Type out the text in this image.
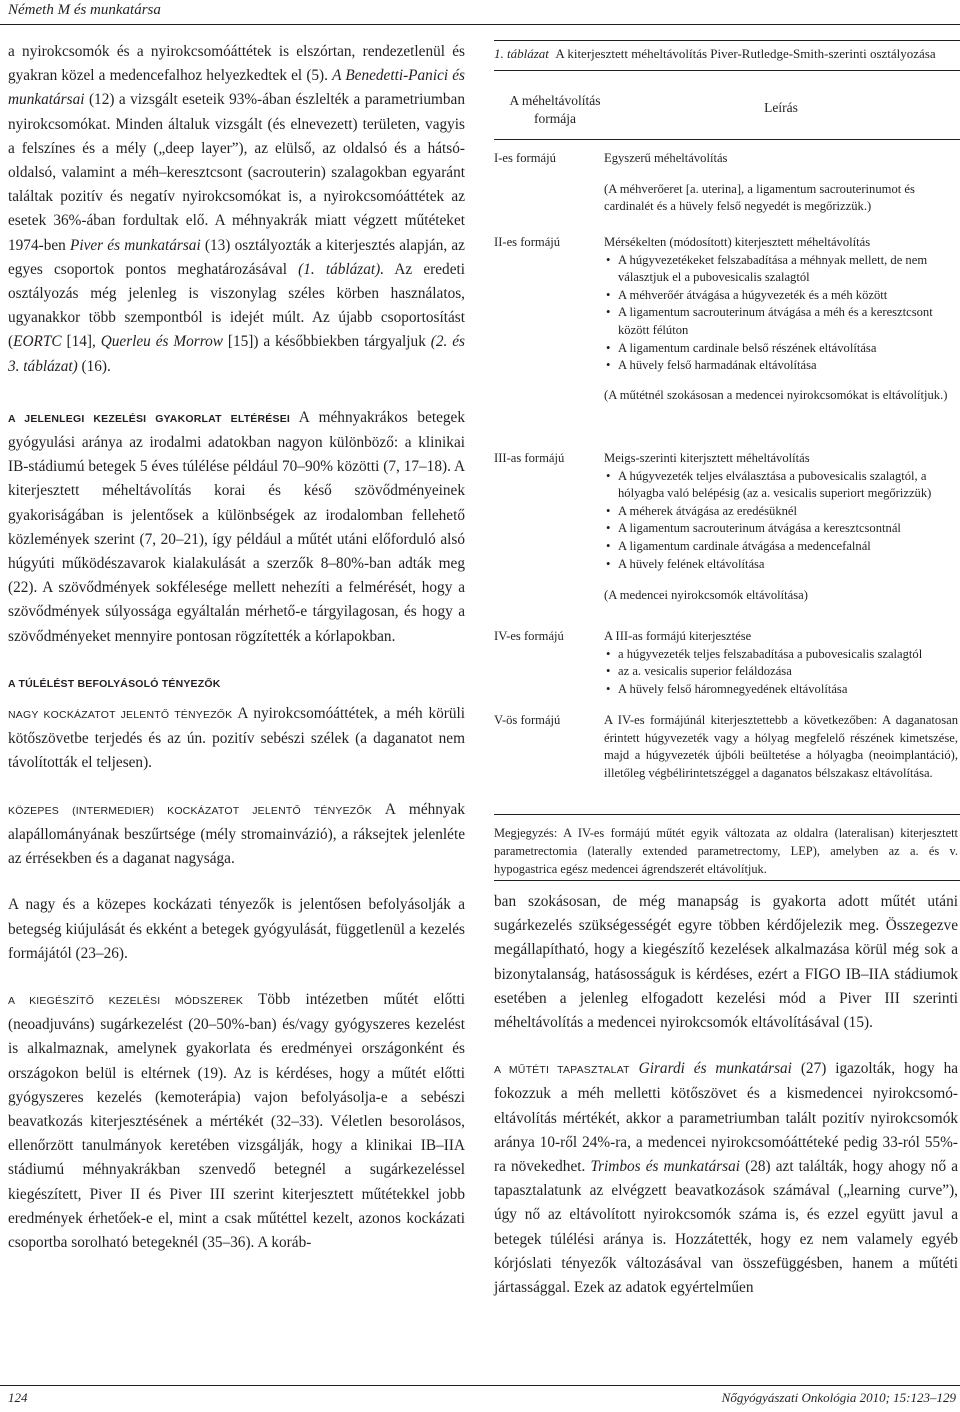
Németh M és munkatársa

a nyirokcsomók és a nyirokcsomóáttétek is elszórtan, rendezetlenül és gyakran közel a medencefalhoz helyezkedtek el (5). A Benedetti-Panici és munkatársai (12) a vizsgált eseteik 93%-ában észlelték a parametriumban nyirokcsomókat. Minden általuk vizsgált (és elnevezett) területen, vagyis a felszínes és a mély („deep layer”), az elülső, az oldalsó és a hátsó-oldalsó, valamint a méh–keresztcsont (sacrouterin) szalagokban egyaránt találtak pozitív és negatív nyirokcsomókat is, a nyirokcsomóáttétek az esetek 36%-ában fordultak elő. A méhnyakrák miatt végzett műtéteket 1974-ben Piver és munkatársai (13) osztályozták a kiterjesztés alapján, az egyes csoportok pontos meghatározásával (1. táblázat). Az eredeti osztályozás még jelenleg is viszonylag széles körben használatos, ugyanakkor több szempontból is idejét múlt. Az újabb csoportosítást (EORTC [14], Querleu és Morrow [15]) a későbbiekben tárgyaljuk (2. és 3. táblázat) (16).

A JELENLEGI KEZELÉSI GYAKORLAT ELTÉRÉSEI A méhnyakrákos betegek gyógyulási aránya az irodalmi adatokban nagyon különböző: a klinikai IB-stádiumú betegek 5 éves túlélése például 70–90% közötti (7, 17–18). A kiterjesztett méheltávolítás korai és késő szövődményeinek gyakoriságában is jelentősek a különbségek az irodalomban fellehető közlemények szerint (7, 20–21), így például a műtét utáni előforduló alsó húgyúti működészavarok kialakulását a szerzők 8–80%-ban adták meg (22). A szövődmények sokfélesége mellett nehezíti a felmérését, hogy a szövődmények súlyossága egyáltalán mérhető-e tárgyilagosan, és hogy a szövődményeket mennyire pontosan rögzítették a kórlapokban.

A TÚLÉLÉST BEFOLYÁSOLÓ TÉNYEZŐK

NAGY KOCKÁZATOT JELENTŐ TÉNYEZŐK A nyirokcsomóáttétek, a méh körüli kötőszövetbe terjedés és az ún. pozitív sebészi szélek (a daganatot nem távolították el teljesen).

KÖZEPES (INTERMEDIER) KOCKÁZATOT JELENTŐ TÉNYEZŐK A méhnyak alapállományának beszűrtsége (mély stromainvázió), a ráksejtek jelenléte az érrésekben és a daganat nagysága.

A nagy és a közepes kockázati tényezők is jelentősen befolyásolják a betegség kiújulását és ekként a betegek gyógyulását, függetlenül a kezelés formájától (23–26).

A KIEGÉSZÍTŐ KEZELÉSI MÓDSZEREK Több intézetben műtét előtti (neoadjuváns) sugárkezelést (20–50%-ban) és/vagy gyógyszeres kezelést is alkalmaznak, amelynek gyakorlata és eredményei országonként és országokon belül is eltérnek (19). Az is kérdéses, hogy a műtét előtti gyógyszeres kezelés (kemoterápia) vajon befolyásolja-e a sebészi beavatkozás kiterjesztésének a mértékét (32–33). Véletlen besorolásos, ellenőrzött tanulmányok keretében vizsgálják, hogy a klinikai IB–IIA stádiumú méhnyakrákban szenvedő betegnél a sugárkezeléssel kiegészített, Piver II és Piver III szerint kiterjesztett műtétekkel jobb eredmények érhetőek-e el, mint a csak műtéttel kezelt, azonos kockázati csoportba sorolható betegeknél (35–36). A koráb-

1. táblázat A kiterjesztett méheltávolítás Piver-Rutledge-Smith-szerinti osztályozása
A méheltávolítás
formája
Leírás
I-es formájú	Egyszerű méheltávolítás
(A méhverőeret [a. uterina], a ligamentum sacrouterinumot és cardinalét és a hüvely felső negyedét is megőrizzük.)
II-es formájú	Mérsékelten (módosított) kiterjesztett méheltávolítás
• A húgyvezetékeket felszabadítása a méhnyak mellett, de nem választjuk el a pubovesicalis szalagtól
• A méhverőér átvágása a húgyvezeték és a méh között
• A ligamentum sacrouterinum átvágása a méh és a keresztcsont között félúton
• A ligamentum cardinale belső részének eltávolítása
• A hüvely felső harmadának eltávolítása
(A műtétnél szokásosan a medencei nyirokcsomókat is eltávolítjuk.)
III-as formájú	Meigs-szerinti kiterjsztett méheltávolítás
• A húgyvezeték teljes elválasztása a pubovesicalis szalagtól, a hólyagba való belépésig (az a. vesicalis superiort megőrizzük)
• A méherek átvágása az eredésüknél
• A ligamentum sacrouterinum átvágása a keresztcsontnál
• A ligamentum cardinale átvágása a medencefalnál
• A hüvely felének eltávolítása
(A medencei nyirokcsomók eltávolítása)
IV-es formájú	A III-as formájú kiterjesztése
• a húgyvezeték teljes felszabadítása a pubovesicalis szalagtól
• az a. vesicalis superior feláldozása
• A hüvely felső háromnegyedének eltávolítása
V-ös formájú	A IV-es formájúnál kiterjesztettebb a következőben: A daganatosan érintett húgyvezeték vagy a hólyag megfelelő részének kimetszése, majd a húgyvezeték újbóli beültetése a hólyagba (neoimplantáció), illetőleg végbélirintetszéggel a daganatos bélszakasz eltávolítása.
Megjegyzés: A IV-es formájú műtét egyik változata az oldalra (lateralisan) kiterjesztett parametrectomia (laterally extended parametrectomy, LEP), amelyben az a. és v. hypogastrica egész medencei ágrendszerét eltávolítjuk.

ban szokásosan, de még manapság is gyakorta adott műtét utáni sugárkezelés szükségességét egyre többen kérdőjelezik meg. Összegezve megállapítható, hogy a kiegészítő kezelések alkalmazása körül még sok a bizonytalanság, hatásosságuk is kérdéses, ezért a FIGO IB–IIA stádiumok esetében a jelenleg elfogadott kezelési mód a Piver III szerinti méheltávolítás a medencei nyirokcsomók eltávolításával (15).

A MŰTÉTI TAPASZTALAT Girardi és munkatársai (27) igazolták, hogy ha fokozzuk a méh melletti kötőszövet és a kismedencei nyirokcsomó-eltávolítás mértékét, akkor a parametriumban talált pozitív nyirokcsomók aránya 10-ről 24%-ra, a medencei nyirokcsomóáttéteké pedig 33-ról 55%-ra növekedhet. Trimbos és munkatársai (28) azt találták, hogy ahogy nő a tapasztalatunk az elvégzett beavatkozások számával („learning curve”), úgy nő az eltávolított nyirokcsomók száma is, és ezzel együtt javul a betegek túlélési aránya is. Hozzátették, hogy ez nem valamely egyéb kórjóslati tényezők változásával van összefüggésben, hanem a műtéti jártassággal. Ezek az adatok egyértelműen

124	Nőgyógyászati Onkológia 2010; 15:123–129
